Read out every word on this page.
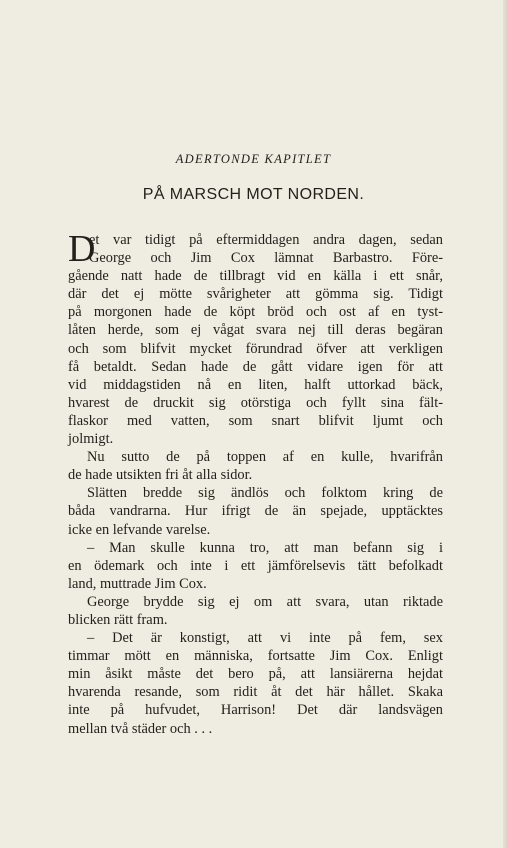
ADERTONDE KAPITLET
PÅ MARSCH MOT NORDEN.
D
et var tidigt på eftermiddagen andra dagen, sedan
George och Jim Cox lämnat Barbastro. Före-
gående natt hade de tillbragt vid en källa i ett snår,
där det ej mötte svårigheter att gömma sig. Tidigt
på morgonen hade de köpt bröd och ost af en tyst-
låten herde, som ej vågat svara nej till deras begäran
och som blifvit mycket förundrad öfver att verkligen
få betaldt. Sedan hade de gått vidare igen för att
vid middagstiden nå en liten, halft uttorkad bäck,
hvarest de druckit sig otörstiga och fyllt sina fält-
flaskor med vatten, som snart blifvit ljumt och
jolmigt.
Nu sutto de på toppen af en kulle, hvarifrån
de hade utsikten fri åt alla sidor.
Slätten bredde sig ändlös och folktom kring de
båda vandrarna. Hur ifrigt de än spejade, upptäcktes
icke en lefvande varelse.
– Man skulle kunna tro, att man befann sig i
en ödemark och inte i ett jämförelsevis tätt befolkadt
land, muttrade Jim Cox.
George brydde sig ej om att svara, utan riktade
blicken rätt fram.
– Det är konstigt, att vi inte på fem, sex
timmar mött en människa, fortsatte Jim Cox. Enligt
min åsikt måste det bero på, att lansiärerna hejdat
hvarenda resande, som ridit åt det här hållet. Skaka
inte på hufvudet, Harrison! Det där landsvägen
mellan två städer och . . .
